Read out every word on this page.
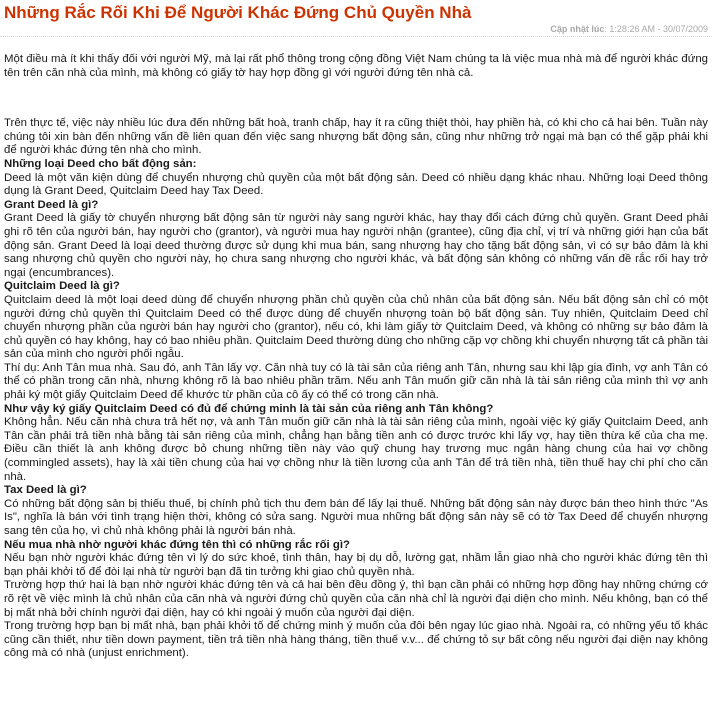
Những Rắc Rối Khi Để Người Khác Đứng Chủ Quyền Nhà
Cập nhật lúc: 1:28:26 AM - 30/07/2009

Một điều mà ít khi thấy đối với người Mỹ, mà lại rất phổ thông trong cộng đồng Việt Nam chúng ta là việc mua nhà mà để người khác đứng tên trên căn nhà của mình, mà không có giấy tờ hay hợp đồng gì với người đứng tên nhà cả.

Trên thực tế, việc này nhiều lúc đưa đến những bất hoà, tranh chấp, hay ít ra cũng thiệt thòi, hay phiền hà, có khi cho cả hai bên. Tuần này chúng tôi xin bàn đến những vấn đề liên quan đến việc sang nhượng bất động sản, cũng như những trở ngại mà bạn có thể gặp phải khi để người khác đứng tên nhà cho mình.

Những loại Deed cho bất động sản:

Deed là một văn kiện dùng để chuyển nhượng chủ quyền của một bất động sản. Deed có nhiều dạng khác nhau. Những loại Deed thông dụng là Grant Deed, Quitclaim Deed hay Tax Deed.

Grant Deed là gì?

Grant Deed là giấy tờ chuyển nhượng bất động sản từ người này sang người khác, hay thay đổi cách đứng chủ quyền. Grant Deed phải ghi rõ tên của người bán, hay người cho (grantor), và người mua hay người nhận (grantee), cũng địa chỉ, vị trí và những giới hạn của bất động sản. Grant Deed là loại deed thường được sử dụng khi mua bán, sang nhượng hay cho tặng bất động sản, vì có sự bảo đảm là khi sang nhượng chủ quyền cho người này, họ chưa sang nhượng cho người khác, và bất động sản không có những vấn đề rắc rối hay trở ngại (encumbrances).

Quitclaim Deed là gì?

Quitclaim deed là một loại deed dùng để chuyển nhượng phần chủ quyền của chủ nhân của bất động sản. Nếu bất động sản chỉ có một người đứng chủ quyền thì Quitclaim Deed có thể được dùng để chuyển nhượng toàn bộ bất động sản. Tuy nhiên, Quitclaim Deed chỉ chuyển nhượng phần của người bán hay người cho (grantor), nếu có, khi làm giấy tờ Quitclaim Deed, và không có những sự bảo đảm là chủ quyền có hay không, hay có bao nhiêu phần. Quitclaim Deed thường dùng cho những cặp vợ chồng khi chuyển nhượng tất cả phần tài sản của mình cho người phối ngẫu.

Thí dụ: Anh Tân mua nhà. Sau đó, anh Tân lấy vợ. Căn nhà tuy có là tài sản của riêng anh Tân, nhưng sau khi lập gia đình, vợ anh Tân có thể có phần trong căn nhà, nhưng không rõ là bao nhiêu phần trăm. Nếu anh Tân muốn giữ căn nhà là tài sản riêng của mình thì vợ anh phải ký một giấy Quitclaim Deed để khước từ phần của cô ấy có thể có trong căn nhà.

Như vậy ký giấy Quitclaim Deed có đủ để chứng minh là tài sản của riêng anh Tân không?

Không hẳn. Nếu căn nhà chưa trả hết nợ, và anh Tân muốn giữ căn nhà là tài sản riêng của mình, ngoài việc ký giấy Quitclaim Deed, anh Tân cần phải trả tiền nhà bằng tài sản riêng của mình, chẳng hạn bằng tiền anh có được trước khi lấy vợ, hay tiền thừa kế của cha mẹ. Điều cần thiết là anh không được bỏ chung những tiền này vào quỹ chung hay trương mục ngân hàng chung của hai vợ chồng (commingled assets), hay là xài tiền chung của hai vợ chồng như là tiền lương của anh Tân để trả tiền nhà, tiền thuế hay chi phí cho căn nhà.

Tax Deed là gì?

Có những bất động sản bị thiếu thuế, bị chính phủ tịch thu đem bán để lấy lại thuế. Những bất động sản này được bán theo hình thức "As Is", nghĩa là bán với tình trạng hiện thời, không có sửa sang. Người mua những bất động sản này sẽ có tờ Tax Deed để chuyển nhượng sang tên của họ, vì chủ nhà không phải là người bán nhà.

Nếu mua nhà nhờ người khác đứng tên thì có những rắc rối gì?

Nếu bạn nhờ người khác đứng tên vì lý do sức khoẻ, tình thân, hay bị dụ dỗ, lường gạt, nhầm lẫn giao nhà cho người khác đứng tên thì bạn phải khởi tố để đòi lại nhà từ người bạn đã tin tưởng khi giao chủ quyền nhà.

Trường hợp thứ hai là bạn nhờ người khác đứng tên và cả hai bên đều đồng ý, thì bạn cần phải có những hợp đồng hay những chứng cớ rõ rệt về việc mình là chủ nhân của căn nhà và người đứng chủ quyền của căn nhà chỉ là người đại diện cho mình. Nếu không, bạn có thể bị mất nhà bởi chính người đại diện, hay có khi ngoài ý muốn của người đại diện.

Trong trường hợp bạn bị mất nhà, bạn phải khởi tố để chứng minh ý muốn của đôi bên ngay lúc giao nhà. Ngoài ra, có những yếu tố khác cũng cần thiết, như tiền down payment, tiền trả tiền nhà hàng tháng, tiền thuế v.v... để chứng tỏ sự bất công nếu người đại diện nay không công mà có nhà (unjust enrichment).
